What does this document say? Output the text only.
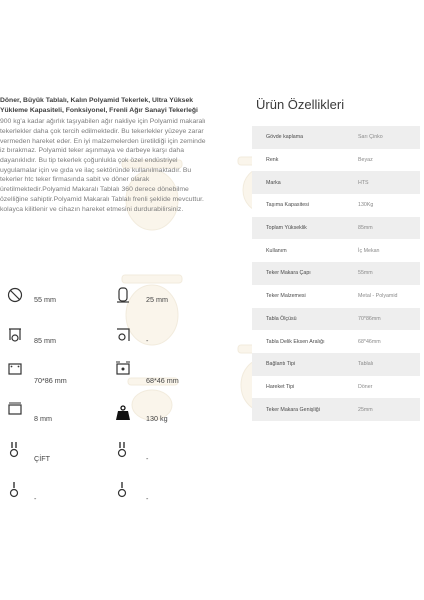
Döner, Büyük Tablalı, Kalın Polyamid Tekerlek, Ultra Yüksek Yükleme Kapasiteli, Fonksiyonel, Frenli Ağır Sanayi Tekerleği

900 kg'a kadar ağırlık taşıyabilen ağır nakliye için Polyamid makaralı tekerlekler daha çok tercih edilmektedir. Bu tekerlekler yüzeye zarar vermeden hareket eder. En iyi malzemelerden üretildiği için zeminde iz bırakmaz. Polyamid teker aşınmaya ve darbeye karşı daha dayanıklıdır. Bu tip tekerlek çoğunlukla çok özel endüstriyel uygulamalar için ve gıda ve ilaç sektöründe kullanılmaktadır. Bu tekerler htc teker firmasında sabit ve döner olarak üretilmektedir.Polyamid Makaralı Tablalı 360 derece dönebilme özelliğine sahiptir.Polyamid Makaralı Tablalı frenli şeklide mevcuttur. kolayca kilitlenir ve cihazın hareket etmesini durdurabilirsiniz.

55 mm	25 mm
85 mm	-
70*86 mm	68*46 mm
8 mm	130 kg
ÇİFT	-
-	-
Ürün Özellikleri
Gövde kaplama	Sarı Çinko
Renk	Beyaz
Marka	HTS
Taşıma Kapasitesi	130Kg
Toplam Yükseklik	85mm
Kullanım	İç Mekan
Teker Makara Çapı	55mm
Teker Malzemesi	Metal - Polyamid
Tabla Ölçüsü	70*86mm
Tabla Delik Eksen Aralığı	68*46mm
Bağlantı Tipi	Tablalı
Hareket Tipi	Döner
Teker Makara Genişliği	25mm
